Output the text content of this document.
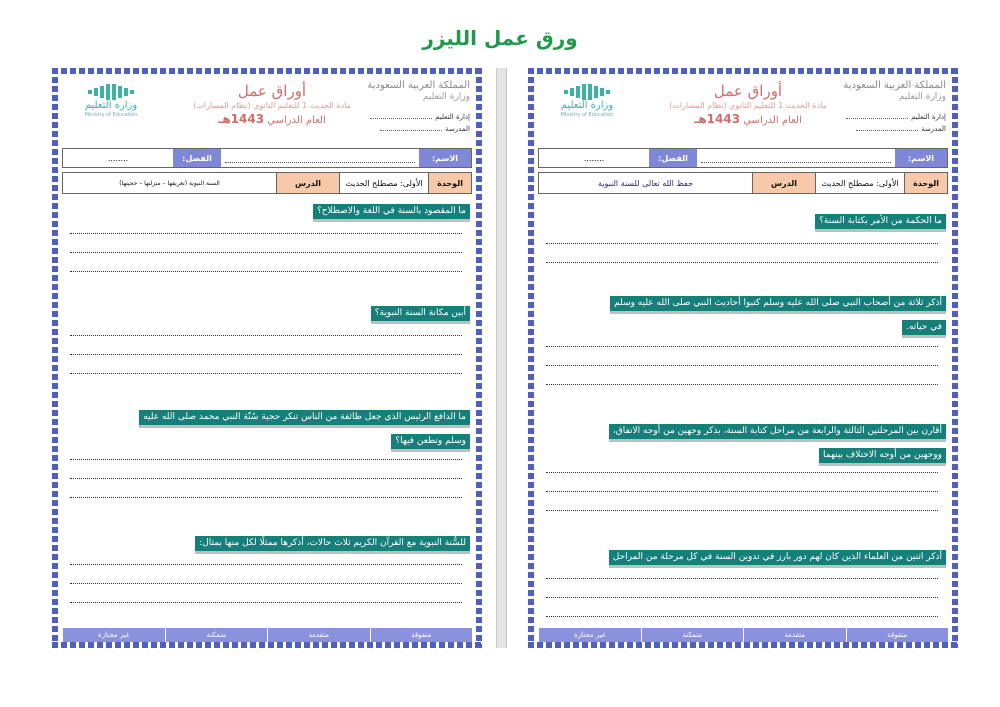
ورق عمل الليزر
المملكة العربية السعودية
وزارة التعليم
إدارة التعليم
المدرسة
أوراق عمل
مادة الحديث 1 للتعليم الثانوي (نظام المسارات)
العام الدراسي 1443هـ
وزارة التعليم
Ministry of Education
الاسم:
الفصل:
........
الوحدة
الأولى: مصطلح الحديث
الدرس
السنة النبوية (تعريفها – منزلتها – حجيتها)
ما المقصود بالسنة في اللغة والاصطلاح؟
أبين مكانة السنة النبوية؟
ما الدافع الرئيس الذي جعل طائفة من الناس تنكر حجية سُنّة النبي محمد صلى الله عليه
وسلم وتطعن فيها؟
للسُّنة النبوية مع القرآن الكريم ثلاث حالات، أذكرها ممثلًا لكل منها بمثال:
متفوقة
متقدمة
متمكنة
غير مجتازة
المملكة العربية السعودية
وزارة التعليم
إدارة التعليم
المدرسة
أوراق عمل
مادة الحديث 1 للتعليم الثانوي (نظام المسارات)
العام الدراسي 1443هـ
وزارة التعليم
Ministry of Education
الاسم:
الفصل:
........
الوحدة
الأولى: مصطلح الحديث
الدرس
حفظ الله تعالى للسنة النبوية
ما الحكمة من الأمر بكتابة السنة؟
أذكر ثلاثة من أصحاب النبي صلى الله عليه وسلم كتبوا أحاديث النبي صلى الله عليه وسلم
في حياته.
أقارن بين المرحلتين الثالثة والرابعة من مراحل كتابة السنة، بذكر وجهين من أوجه الاتفاق،
ووجهين من أوجه الاختلاف بينهما
أذكر اثنين من العلماء الذين كان لهم دور بارز في تدوين السنة في كل مرحلة من المراحل
متفوقة
متقدمة
متمكنة
غير مجتازة
